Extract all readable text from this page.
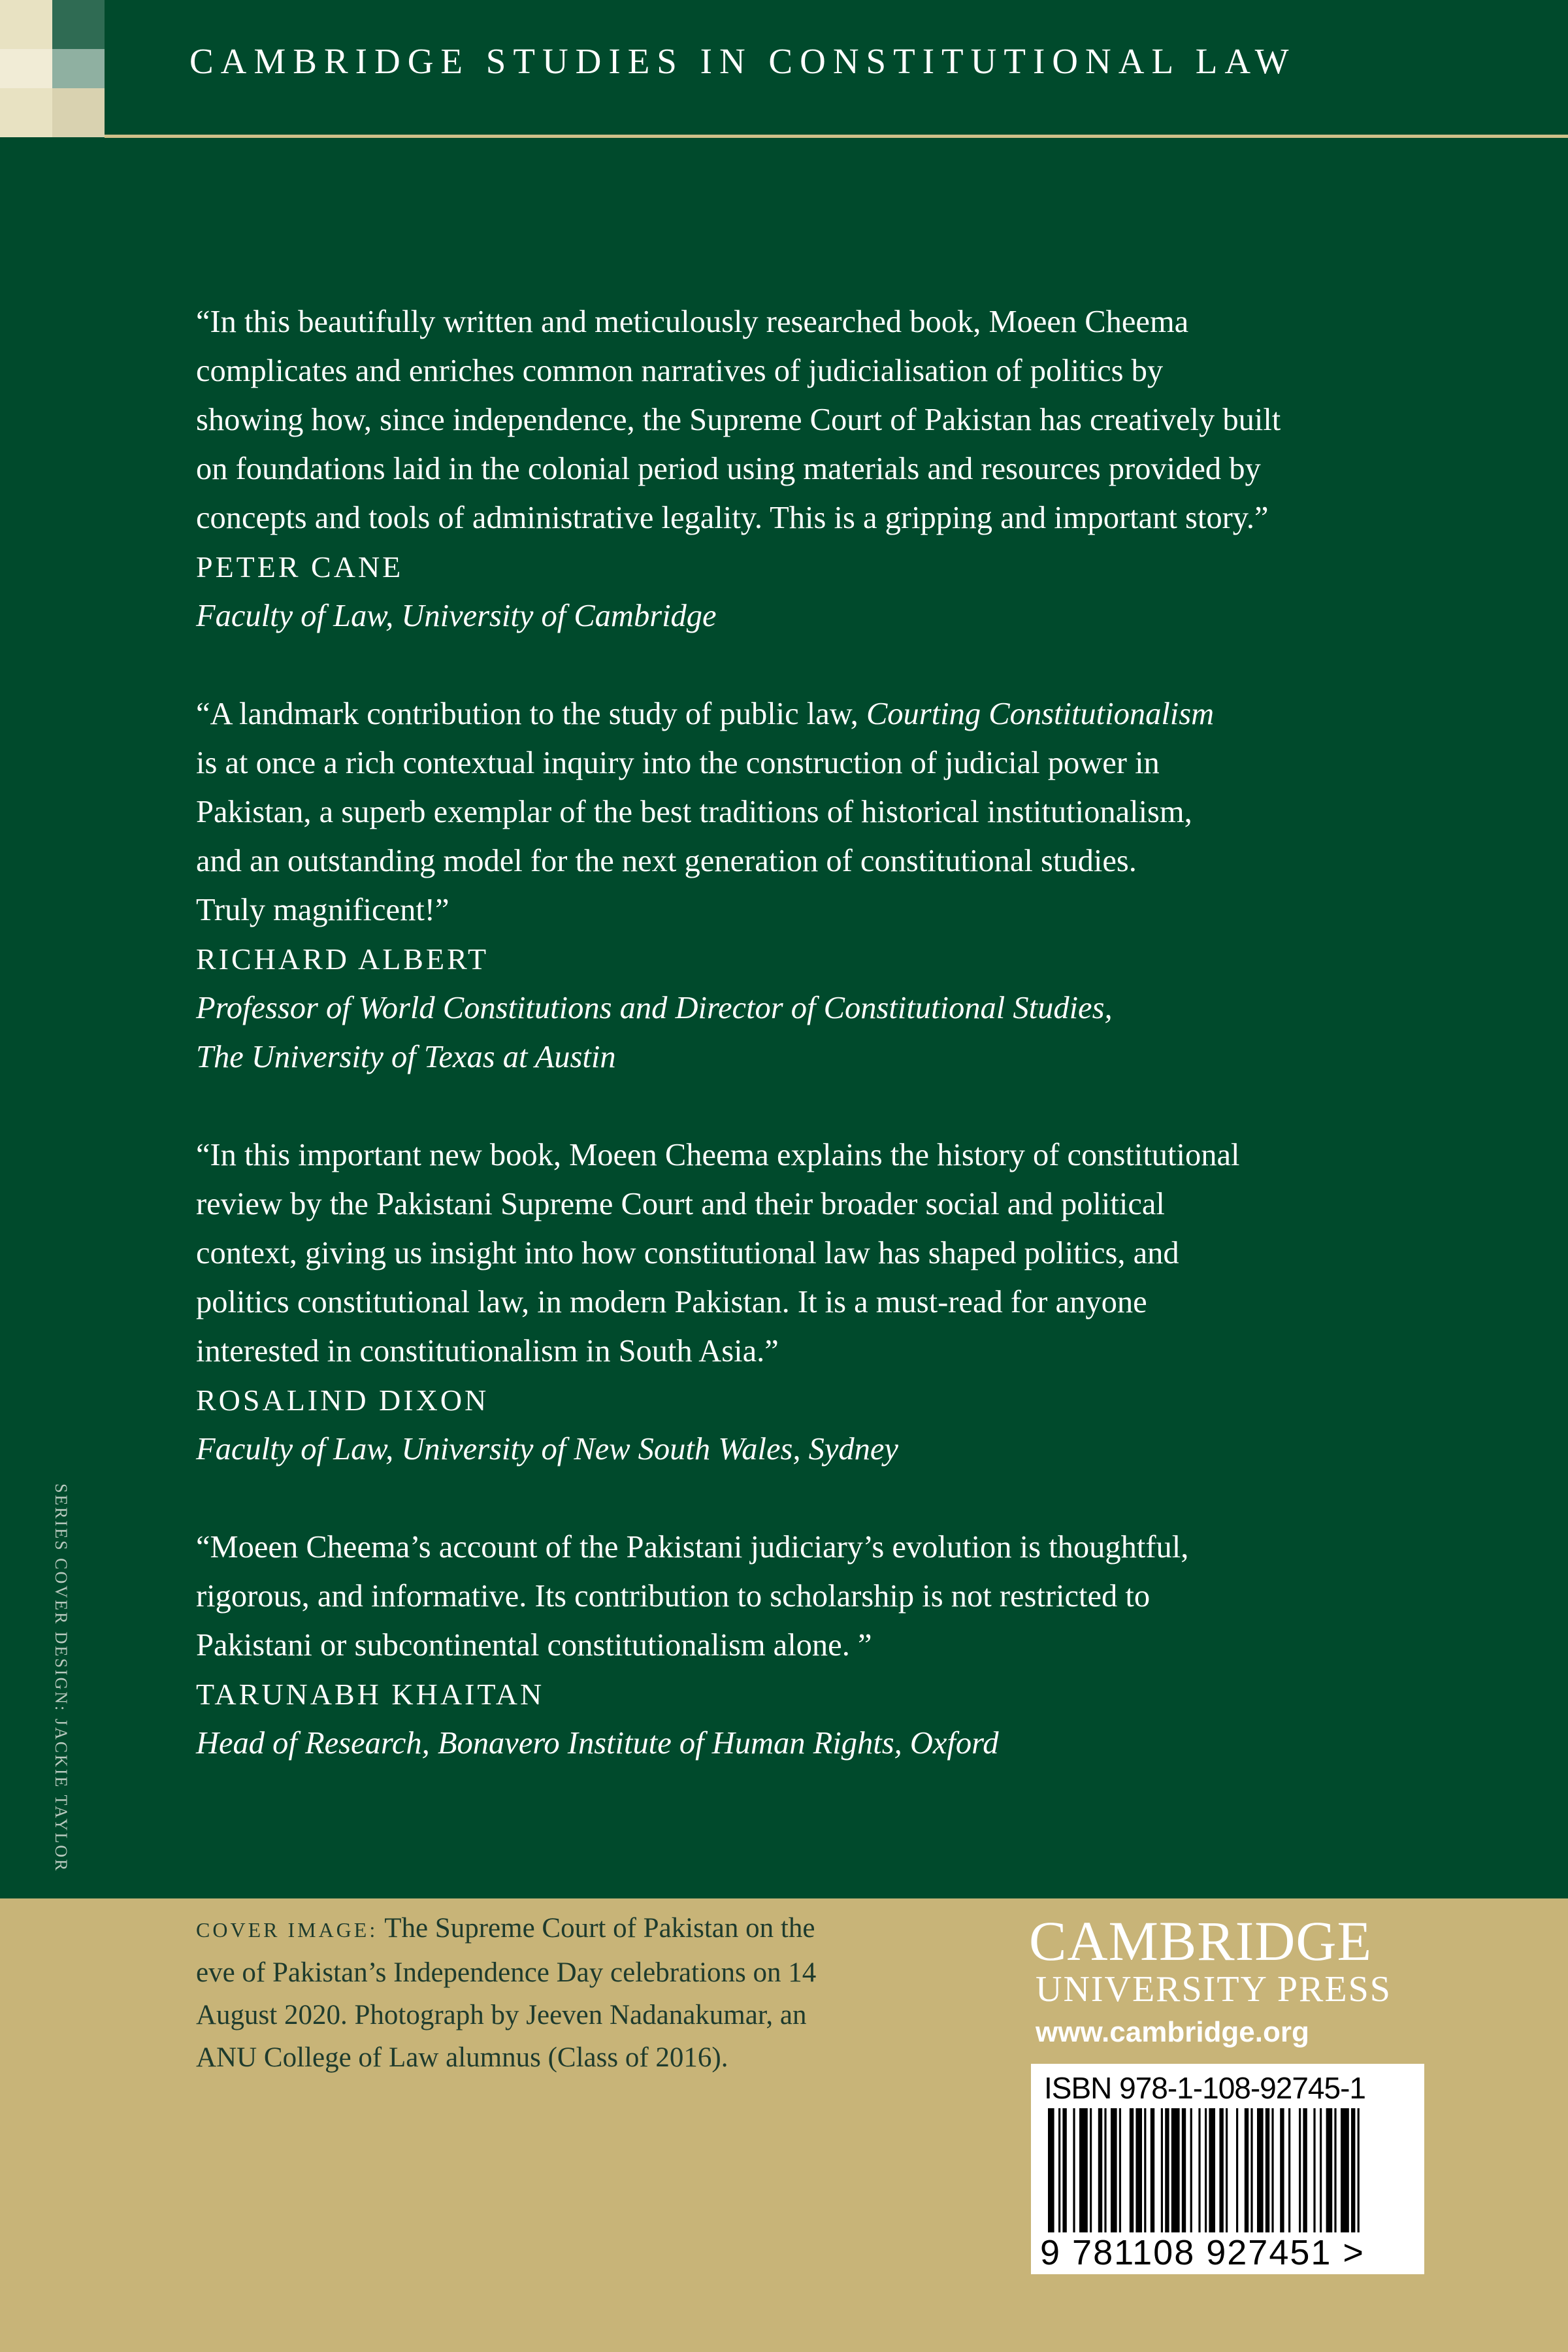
CAMBRIDGE STUDIES IN CONSTITUTIONAL LAW

“In this beautifully written and meticulously researched book, Moeen Cheema
complicates and enriches common narratives of judicialisation of politics by
showing how, since independence, the Supreme Court of Pakistan has creatively built
on foundations laid in the colonial period using materials and resources provided by
concepts and tools of administrative legality. This is a gripping and important story.”

PETER CANE

Faculty of Law, University of Cambridge

“A landmark contribution to the study of public law, Courting Constitutionalism
is at once a rich contextual inquiry into the construction of judicial power in
Pakistan, a superb exemplar of the best traditions of historical institutionalism,
and an outstanding model for the next generation of constitutional studies.
Truly magnificent!”

RICHARD ALBERT

Professor of World Constitutions and Director of Constitutional Studies,
The University of Texas at Austin

“In this important new book, Moeen Cheema explains the history of constitutional
review by the Pakistani Supreme Court and their broader social and political
context, giving us insight into how constitutional law has shaped politics, and
politics constitutional law, in modern Pakistan. It is a must-read for anyone
interested in constitutionalism in South Asia.”

ROSALIND DIXON

Faculty of Law, University of New South Wales, Sydney

“Moeen Cheema’s account of the Pakistani judiciary’s evolution is thoughtful,
rigorous, and informative. Its contribution to scholarship is not restricted to
Pakistani or subcontinental constitutionalism alone. ”

TARUNABH KHAITAN

Head of Research, Bonavero Institute of Human Rights, Oxford

SERIES COVER DESIGN: JACKIE TAYLOR
COVER IMAGE: The Supreme Court of Pakistan on the eve of Pakistan’s Independence Day celebrations on 14 August 2020. Photograph by Jeeven Nadanakumar, an ANU College of Law alumnus (Class of 2016).
CAMBRIDGE
UNIVERSITY PRESS
www.cambridge.org
ISBN 978-1-108-92745-1
9 781108 927451 >
